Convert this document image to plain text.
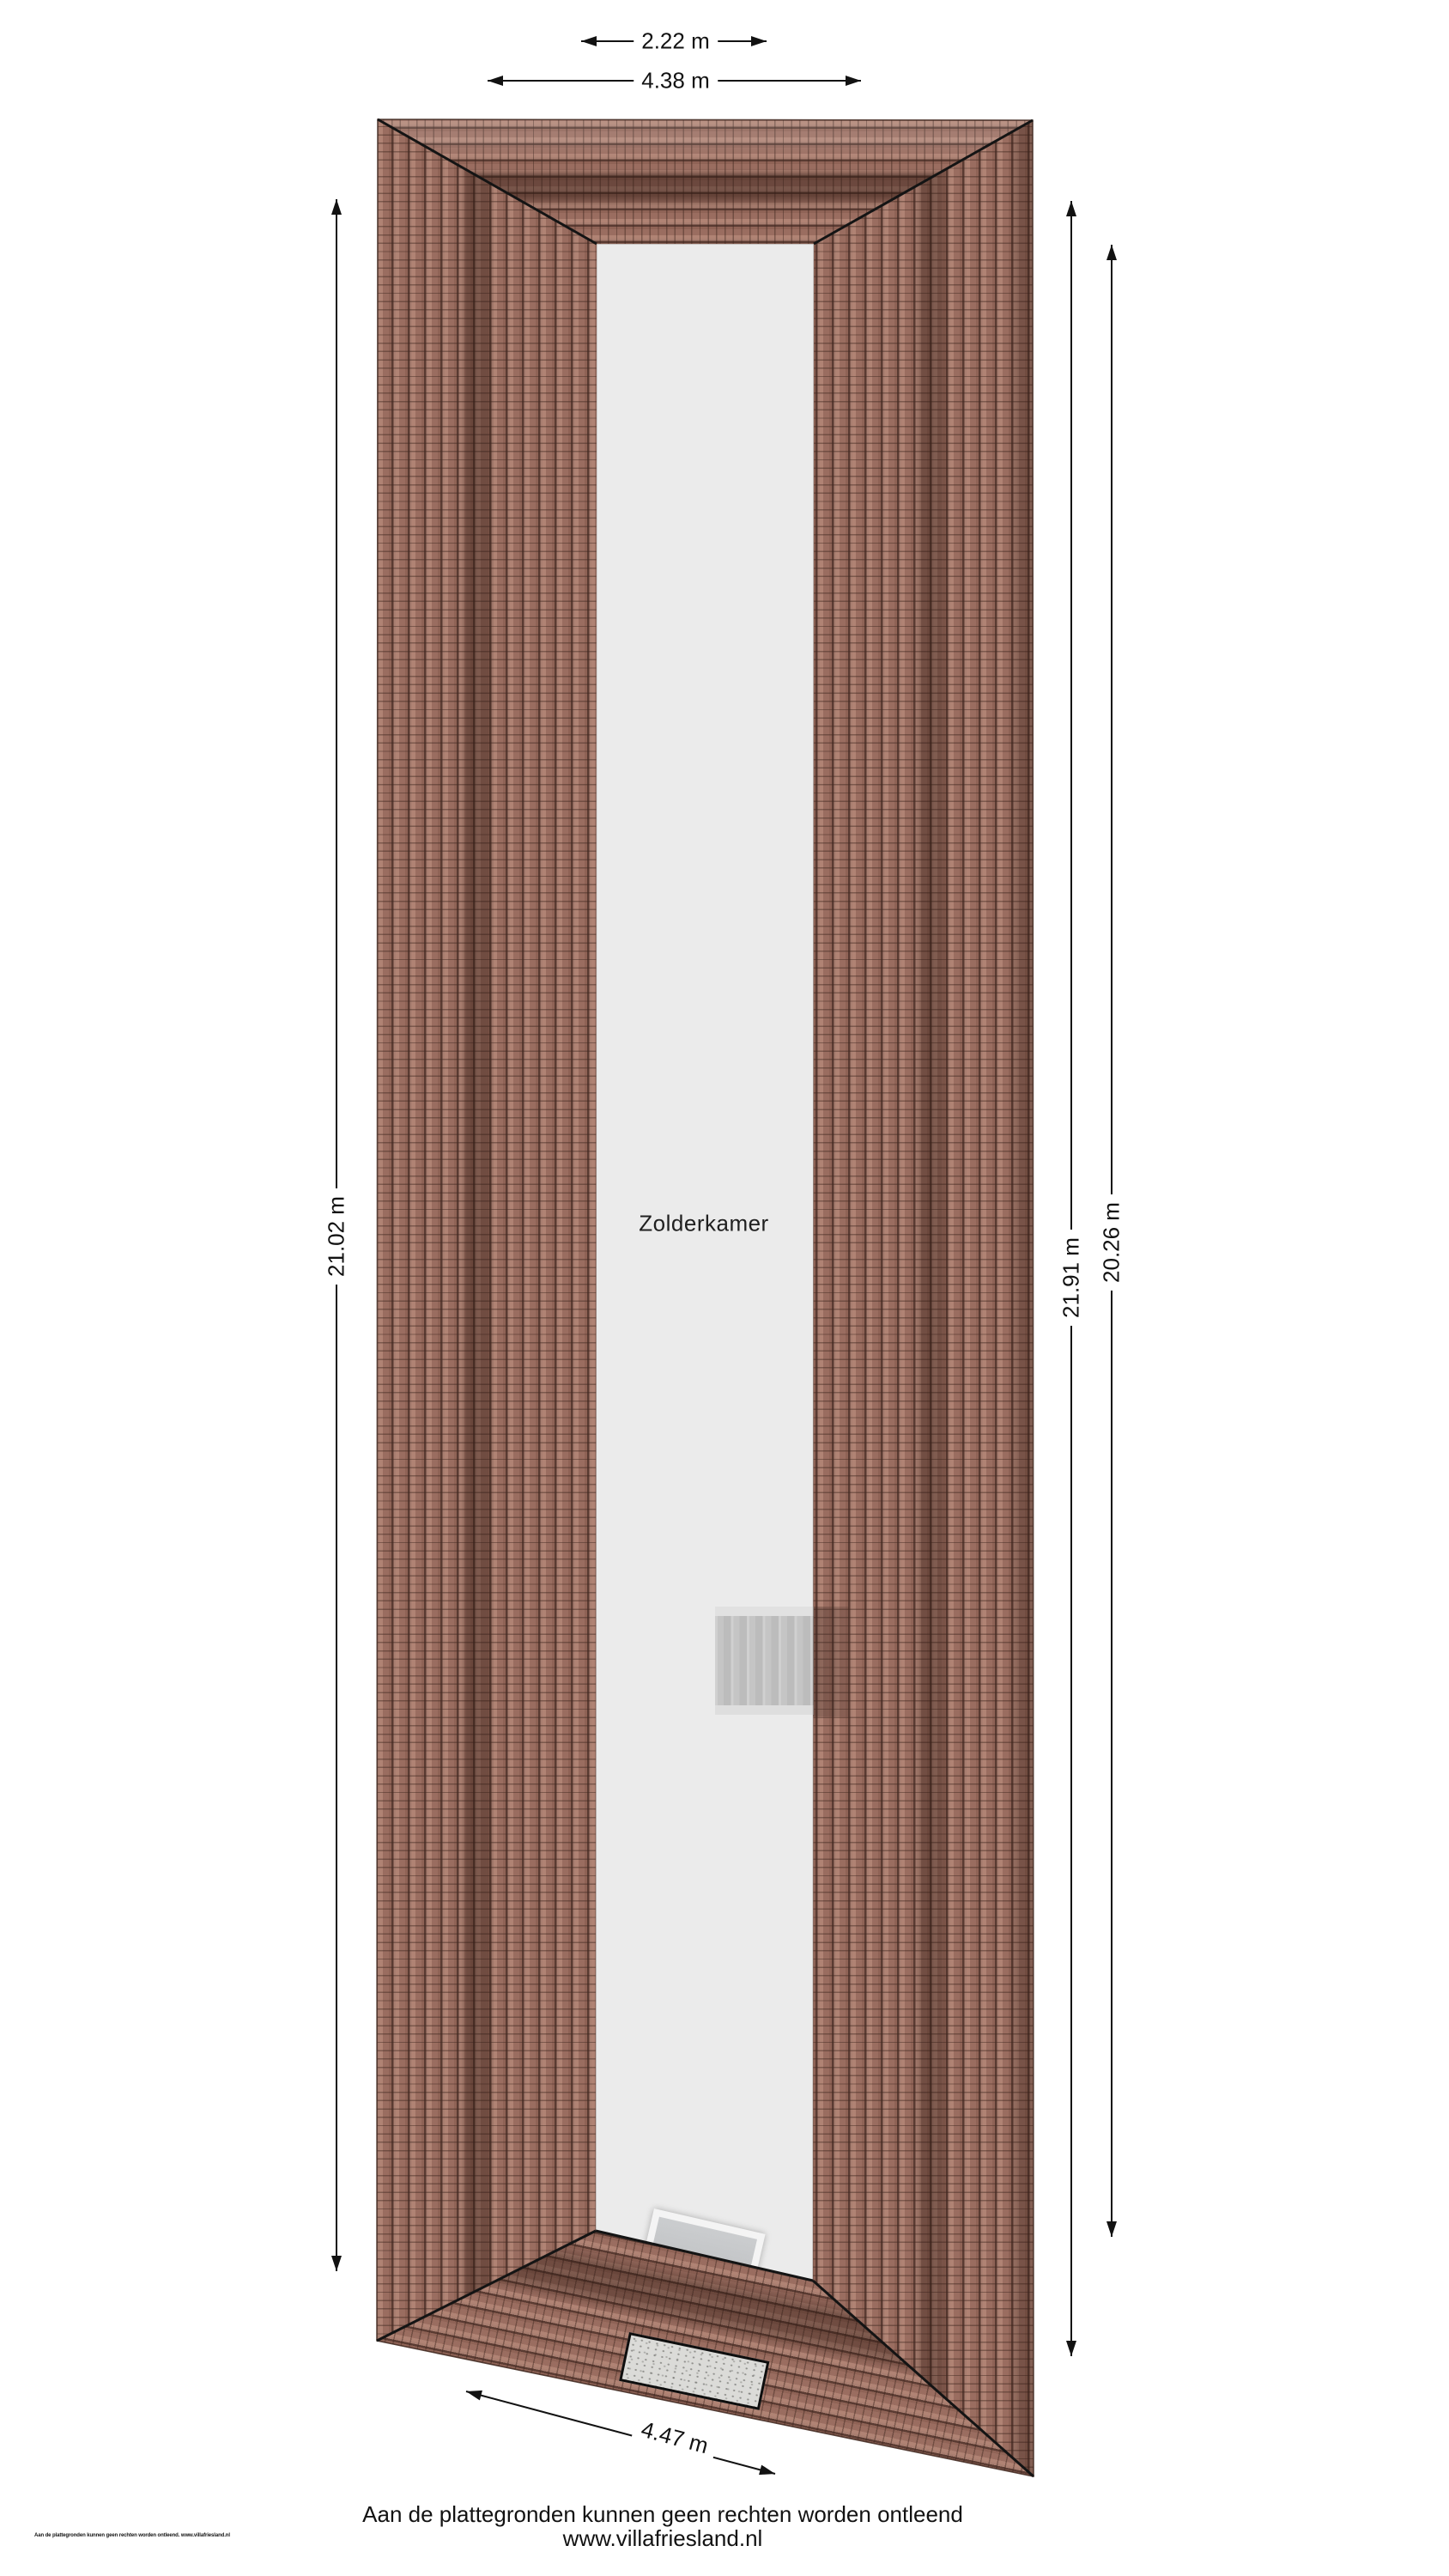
2.22 m
4.38 m
21.02 m
21.91 m 20.26 m
4.47 m
Zolderkamer
Aan de plattegronden kunnen geen rechten worden ontleend
www.villafriesland.nl
Aan de plattegronden kunnen geen rechten worden ontleend. www.villafriesland.nl
